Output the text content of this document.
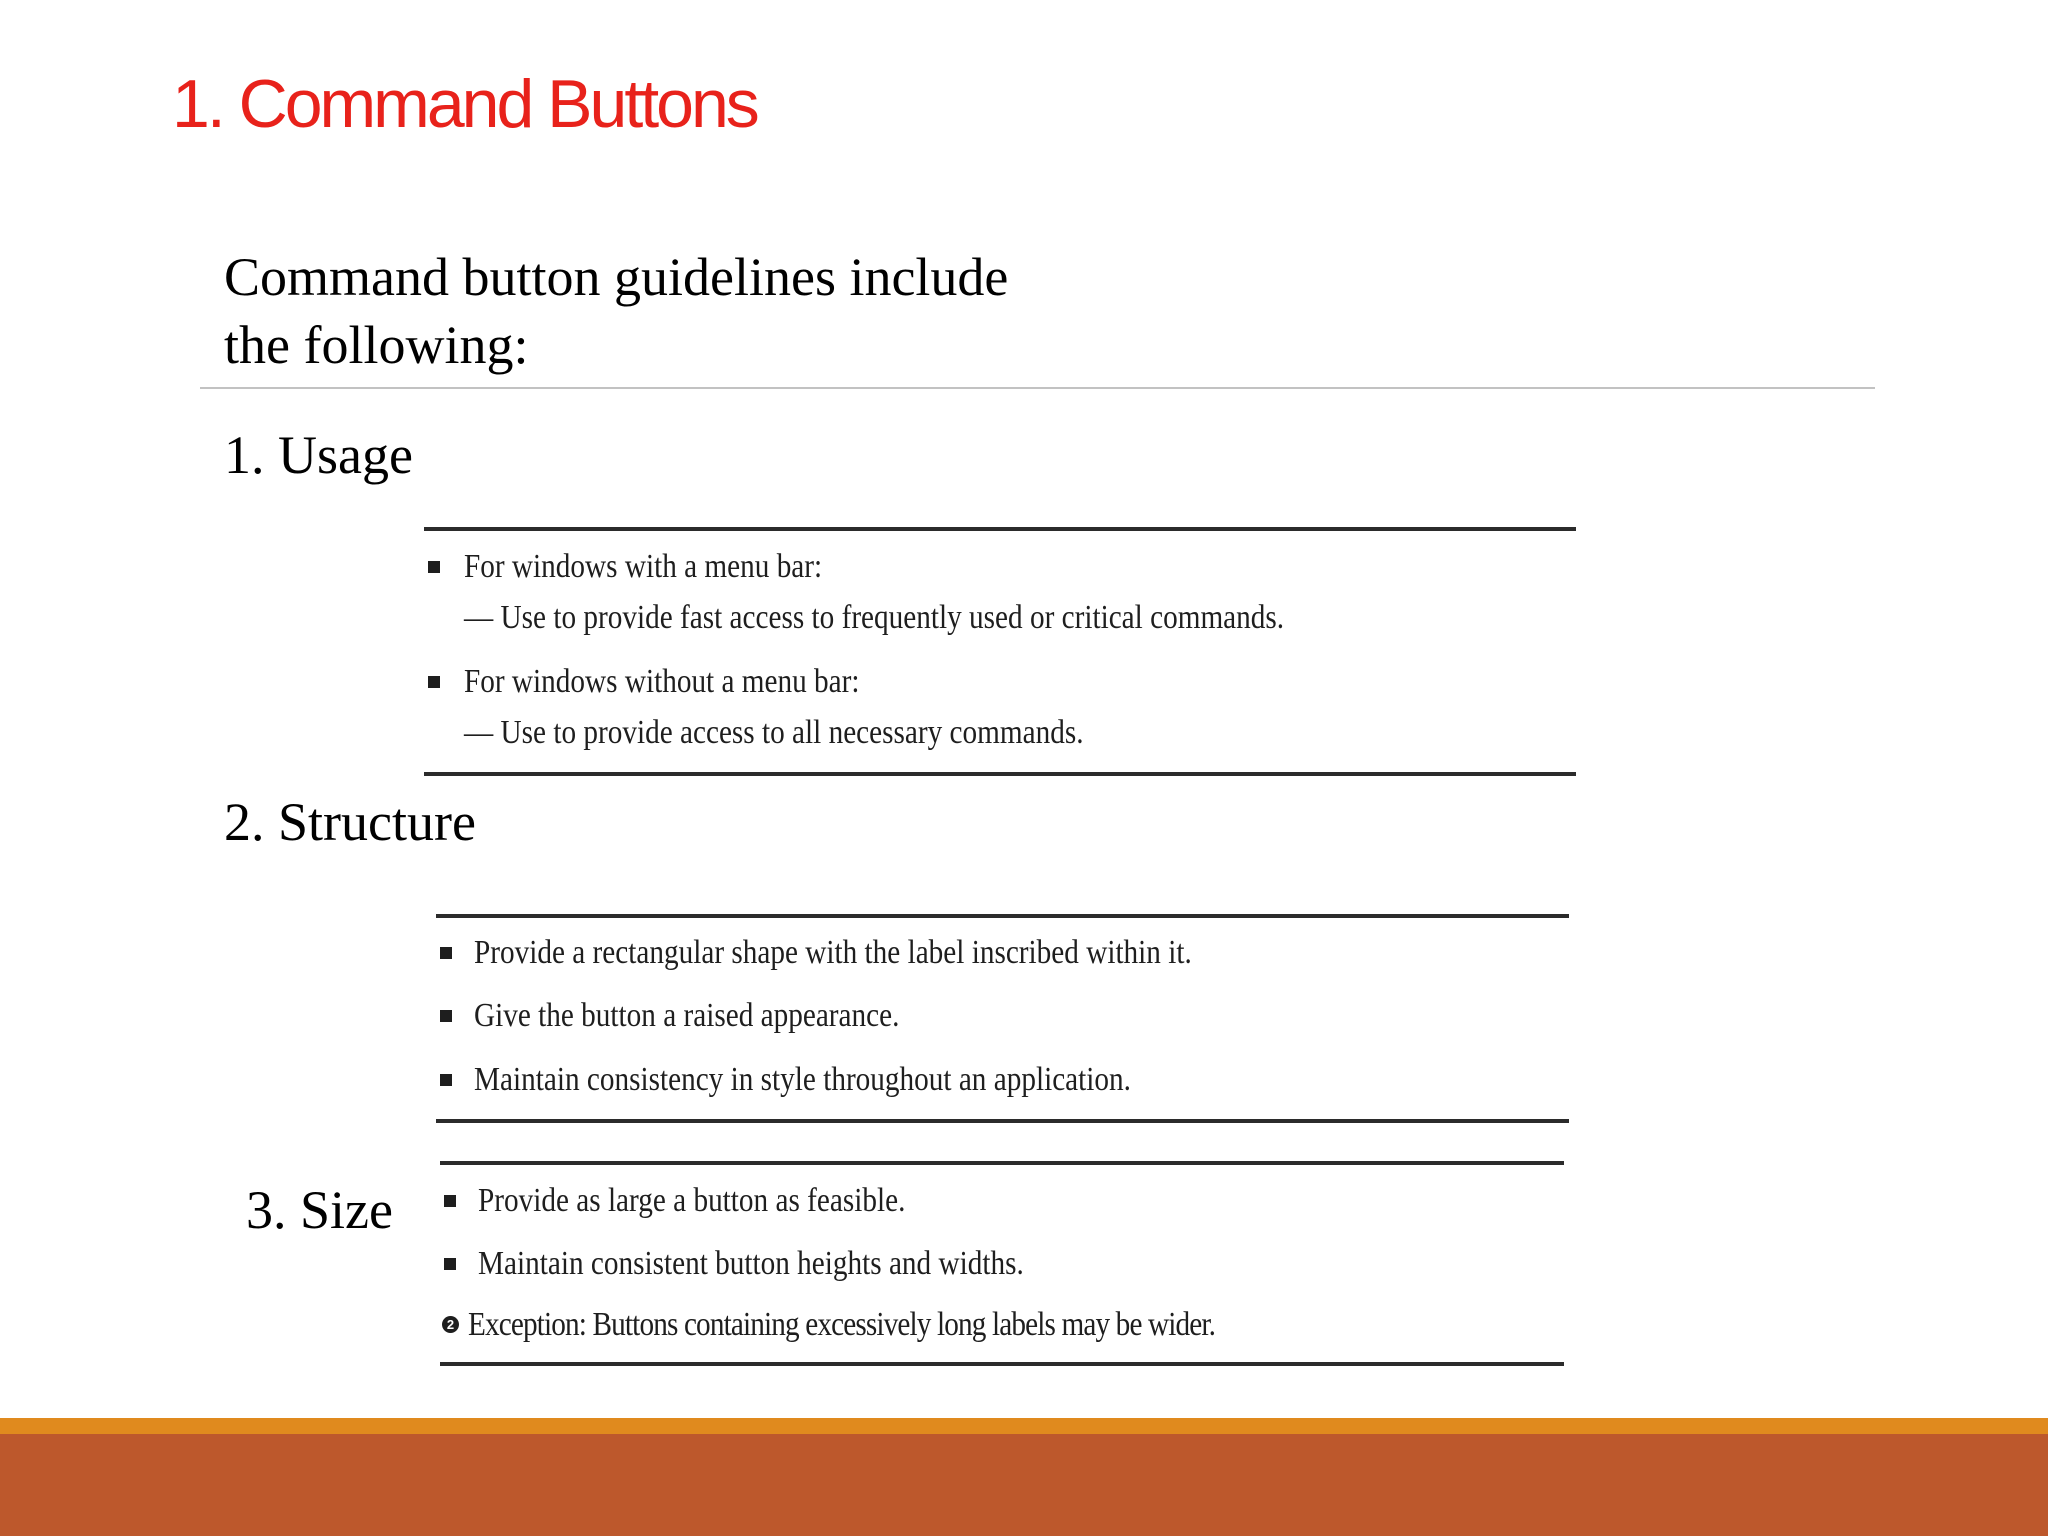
1. Command Buttons
Command button guidelines include
the following:
1. Usage
For windows with a menu bar:
— Use to provide fast access to frequently used or critical commands.
For windows without a menu bar:
— Use to provide access to all necessary commands.
2. Structure
Provide a rectangular shape with the label inscribed within it.
Give the button a raised appearance.
Maintain consistency in style throughout an application.
3. Size	Provide as large a button as feasible.
Maintain consistent button heights and widths.
2 Exception: Buttons containing excessively long labels may be wider.
